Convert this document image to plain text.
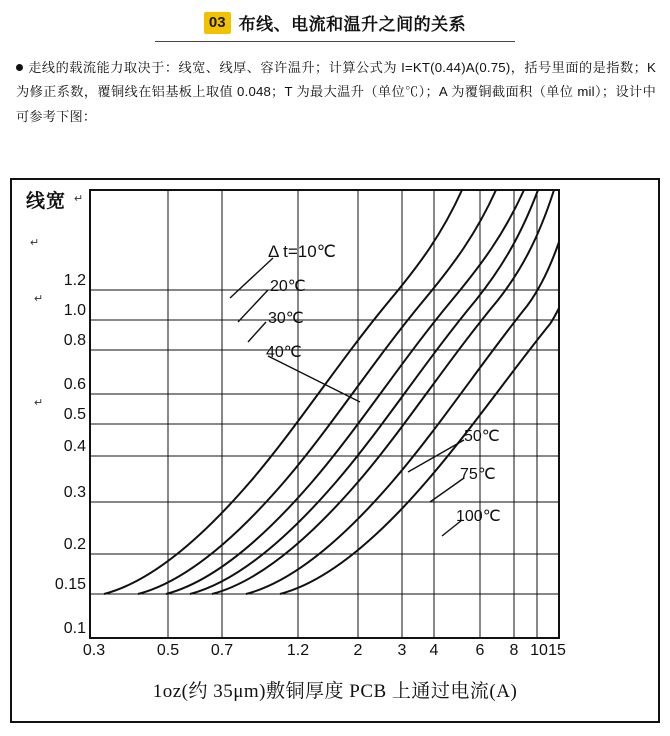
03 布线、电流和温升之间的关系
走线的载流能力取决于：线宽、线厚、容许温升；计算公式为 I=KT(0.44)A(0.75)，括号里面的是指数；K 为修正系数，覆铜线在铝基板上取值 0.048；T 为最大温升（单位℃）；A 为覆铜截面积（单位 mil）；设计中可参考下图：
线宽 ↵
↵
↵
↵
1.2
1.0
0.8
0.6
0.5
0.4
0.3
0.2
0.15
0.1
Δ t=10℃
20℃
30℃
40℃
50℃
75℃
100℃
0.3	0.5 0.7	1.2	2 3 4 6 8 10 15
1oz(约 35μm)敷铜厚度 PCB 上通过电流(A)
